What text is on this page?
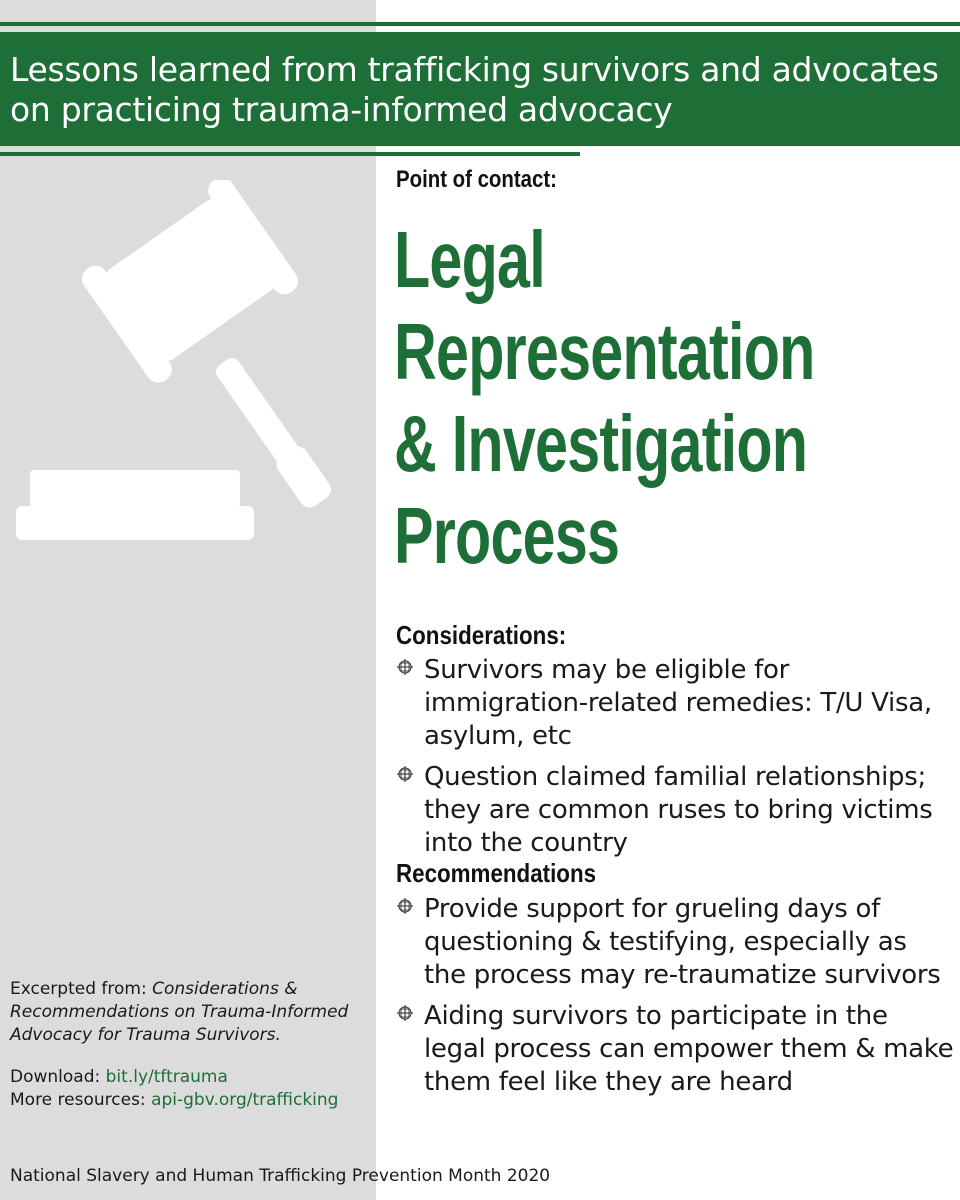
Lessons learned from trafficking survivors and advocates on practicing trauma-informed advocacy
Point of contact:
Legal
Representation
& Investigation
Process
Considerations:
Survivors may be eligible for immigration-related remedies: T/U Visa, asylum, etc
Question claimed familial relationships; they are common ruses to bring victims into the country
Recommendations
Provide support for grueling days of questioning & testifying, especially as the process may re-traumatize survivors
Aiding survivors to participate in the legal process can empower them & make them feel like they are heard
Excerpted from: Considerations & Recommendations on Trauma-Informed Advocacy for Trauma Survivors.
Download: bit.ly/tftrauma
More resources: api-gbv.org/trafficking
National Slavery and Human Trafficking Prevention Month 2020
